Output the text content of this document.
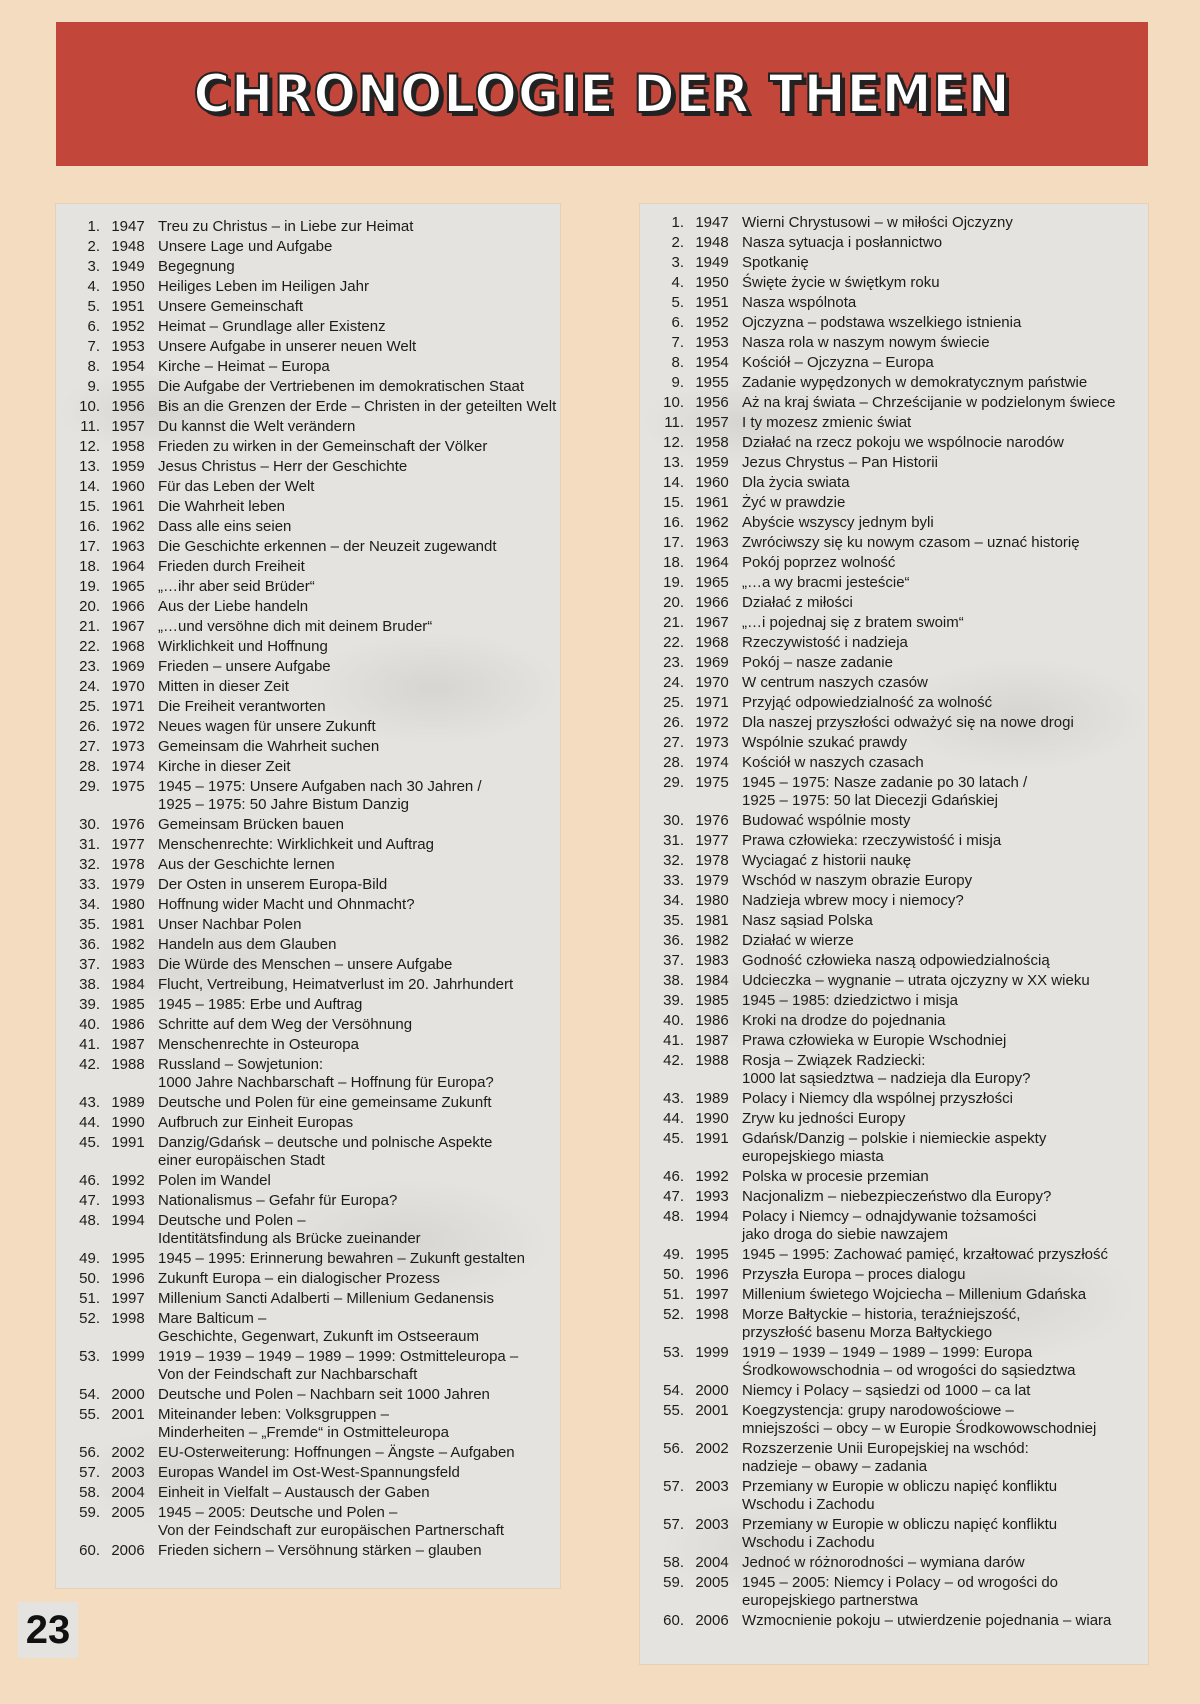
CHRONOLOGIE DER THEMEN
1. 1947 Treu zu Christus – in Liebe zur Heimat
2. 1948 Unsere Lage und Aufgabe
3. 1949 Begegnung
4. 1950 Heiliges Leben im Heiligen Jahr
5. 1951 Unsere Gemeinschaft
6. 1952 Heimat – Grundlage aller Existenz
7. 1953 Unsere Aufgabe in unserer neuen Welt
8. 1954 Kirche – Heimat – Europa
9. 1955 Die Aufgabe der Vertriebenen im demokratischen Staat
10. 1956 Bis an die Grenzen der Erde – Christen in der geteilten Welt
11. 1957 Du kannst die Welt verändern
12. 1958 Frieden zu wirken in der Gemeinschaft der Völker
13. 1959 Jesus Christus – Herr der Geschichte
14. 1960 Für das Leben der Welt
15. 1961 Die Wahrheit leben
16. 1962 Dass alle eins seien
17. 1963 Die Geschichte erkennen – der Neuzeit zugewandt
18. 1964 Frieden durch Freiheit
19. 1965 „…ihr aber seid Brüder“
20. 1966 Aus der Liebe handeln
21. 1967 „…und versöhne dich mit deinem Bruder“
22. 1968 Wirklichkeit und Hoffnung
23. 1969 Frieden – unsere Aufgabe
24. 1970 Mitten in dieser Zeit
25. 1971 Die Freiheit verantworten
26. 1972 Neues wagen für unsere Zukunft
27. 1973 Gemeinsam die Wahrheit suchen
28. 1974 Kirche in dieser Zeit
29. 1975 1945 – 1975: Unsere Aufgaben nach 30 Jahren /
1925 – 1975: 50 Jahre Bistum Danzig
30. 1976 Gemeinsam Brücken bauen
31. 1977 Menschenrechte: Wirklichkeit und Auftrag
32. 1978 Aus der Geschichte lernen
33. 1979 Der Osten in unserem Europa-Bild
34. 1980 Hoffnung wider Macht und Ohnmacht?
35. 1981 Unser Nachbar Polen
36. 1982 Handeln aus dem Glauben
37. 1983 Die Würde des Menschen – unsere Aufgabe
38. 1984 Flucht, Vertreibung, Heimatverlust im 20. Jahrhundert
39. 1985 1945 – 1985: Erbe und Auftrag
40. 1986 Schritte auf dem Weg der Versöhnung
41. 1987 Menschenrechte in Osteuropa
42. 1988 Russland – Sowjetunion:
1000 Jahre Nachbarschaft – Hoffnung für Europa?
43. 1989 Deutsche und Polen für eine gemeinsame Zukunft
44. 1990 Aufbruch zur Einheit Europas
45. 1991 Danzig/Gdańsk – deutsche und polnische Aspekte
einer europäischen Stadt
46. 1992 Polen im Wandel
47. 1993 Nationalismus – Gefahr für Europa?
48. 1994 Deutsche und Polen –
Identitätsfindung als Brücke zueinander
49. 1995 1945 – 1995: Erinnerung bewahren – Zukunft gestalten
50. 1996 Zukunft Europa – ein dialogischer Prozess
51. 1997 Millenium Sancti Adalberti – Millenium Gedanensis
52. 1998 Mare Balticum –
Geschichte, Gegenwart, Zukunft im Ostseeraum
53. 1999 1919 – 1939 – 1949 – 1989 – 1999: Ostmitteleuropa –
Von der Feindschaft zur Nachbarschaft
54. 2000 Deutsche und Polen – Nachbarn seit 1000 Jahren
55. 2001 Miteinander leben: Volksgruppen –
Minderheiten – „Fremde“ in Ostmitteleuropa
56. 2002 EU-Osterweiterung: Hoffnungen – Ängste – Aufgaben
57. 2003 Europas Wandel im Ost-West-Spannungsfeld
58. 2004 Einheit in Vielfalt – Austausch der Gaben
59. 2005 1945 – 2005: Deutsche und Polen –
Von der Feindschaft zur europäischen Partnerschaft
60. 2006 Frieden sichern – Versöhnung stärken – glauben
1. 1947 Wierni Chrystusowi – w miłości Ojczyzny
2. 1948 Nasza sytuacja i posłannictwo
3. 1949 Spotkanię
4. 1950 Święte życie w świętkym roku
5. 1951 Nasza wspólnota
6. 1952 Ojczyzna – podstawa wszelkiego istnienia
7. 1953 Nasza rola w naszym nowym świecie
8. 1954 Kościół – Ojczyzna – Europa
9. 1955 Zadanie wypędzonych w demokratycznym państwie
10. 1956 Aż na kraj świata – Chrześcijanie w podzielonym świece
11. 1957 I ty mozesz zmienic świat
12. 1958 Działać na rzecz pokoju we wspólnocie narodów
13. 1959 Jezus Chrystus – Pan Historii
14. 1960 Dla życia swiata
15. 1961 Żyć w prawdzie
16. 1962 Abyście wszyscy jednym byli
17. 1963 Zwróciwszy się ku nowym czasom – uznać historię
18. 1964 Pokój poprzez wolność
19. 1965 „…a wy bracmi jesteście“
20. 1966 Działać z miłości
21. 1967 „…i pojednaj się z bratem swoim“
22. 1968 Rzeczywistość i nadzieja
23. 1969 Pokój – nasze zadanie
24. 1970 W centrum naszych czasów
25. 1971 Przyjąć odpowiedzialność za wolność
26. 1972 Dla naszej przyszłości odważyć się na nowe drogi
27. 1973 Wspólnie szukać prawdy
28. 1974 Kościół w naszych czasach
29. 1975 1945 – 1975: Nasze zadanie po 30 latach /
1925 – 1975: 50 lat Diecezji Gdańskiej
30. 1976 Budować wspólnie mosty
31. 1977 Prawa człowieka: rzeczywistość i misja
32. 1978 Wyciagać z historii naukę
33. 1979 Wschód w naszym obrazie Europy
34. 1980 Nadzieja wbrew mocy i niemocy?
35. 1981 Nasz sąsiad Polska
36. 1982 Działać w wierze
37. 1983 Godność człowieka naszą odpowiedzialnością
38. 1984 Udcieczka – wygnanie – utrata ojczyzny w XX wieku
39. 1985 1945 – 1985: dziedzictwo i misja
40. 1986 Kroki na drodze do pojednania
41. 1987 Prawa człowieka w Europie Wschodniej
42. 1988 Rosja – Związek Radziecki:
1000 lat sąsiedztwa – nadzieja dla Europy?
43. 1989 Polacy i Niemcy dla wspólnej przyszłości
44. 1990 Zryw ku jedności Europy
45. 1991 Gdańsk/Danzig – polskie i niemieckie aspekty
europejskiego miasta
46. 1992 Polska w procesie przemian
47. 1993 Nacjonalizm – niebezpieczeństwo dla Europy?
48. 1994 Polacy i Niemcy – odnajdywanie tożsamości
jako droga do siebie nawzajem
49. 1995 1945 – 1995: Zachować pamięć, krzałtować przyszłość
50. 1996 Przyszła Europa – proces dialogu
51. 1997 Millenium świetego Wojciecha – Millenium Gdańska
52. 1998 Morze Bałtyckie – historia, teraźniejszość,
przyszłość basenu Morza Bałtyckiego
53. 1999 1919 – 1939 – 1949 – 1989 – 1999: Europa
Środkowowschodnia – od wrogości do sąsiedztwa
54. 2000 Niemcy i Polacy – sąsiedzi od 1000 – ca lat
55. 2001 Koegzystencja: grupy narodowościowe –
mniejszości – obcy – w Europie Środkowowschodniej
56. 2002 Rozszerzenie Unii Europejskiej na wschód:
nadzieje – obawy – zadania
57. 2003 Przemiany w Europie w obliczu napięć konfliktu
Wschodu i Zachodu
57. 2003 Przemiany w Europie w obliczu napięć konfliktu
Wschodu i Zachodu
58. 2004 Jednoć w różnorodności – wymiana darów
59. 2005 1945 – 2005: Niemcy i Polacy – od wrogości do
europejskiego partnerstwa
60. 2006 Wzmocnienie pokoju – utwierdzenie pojednania – wiara
23
